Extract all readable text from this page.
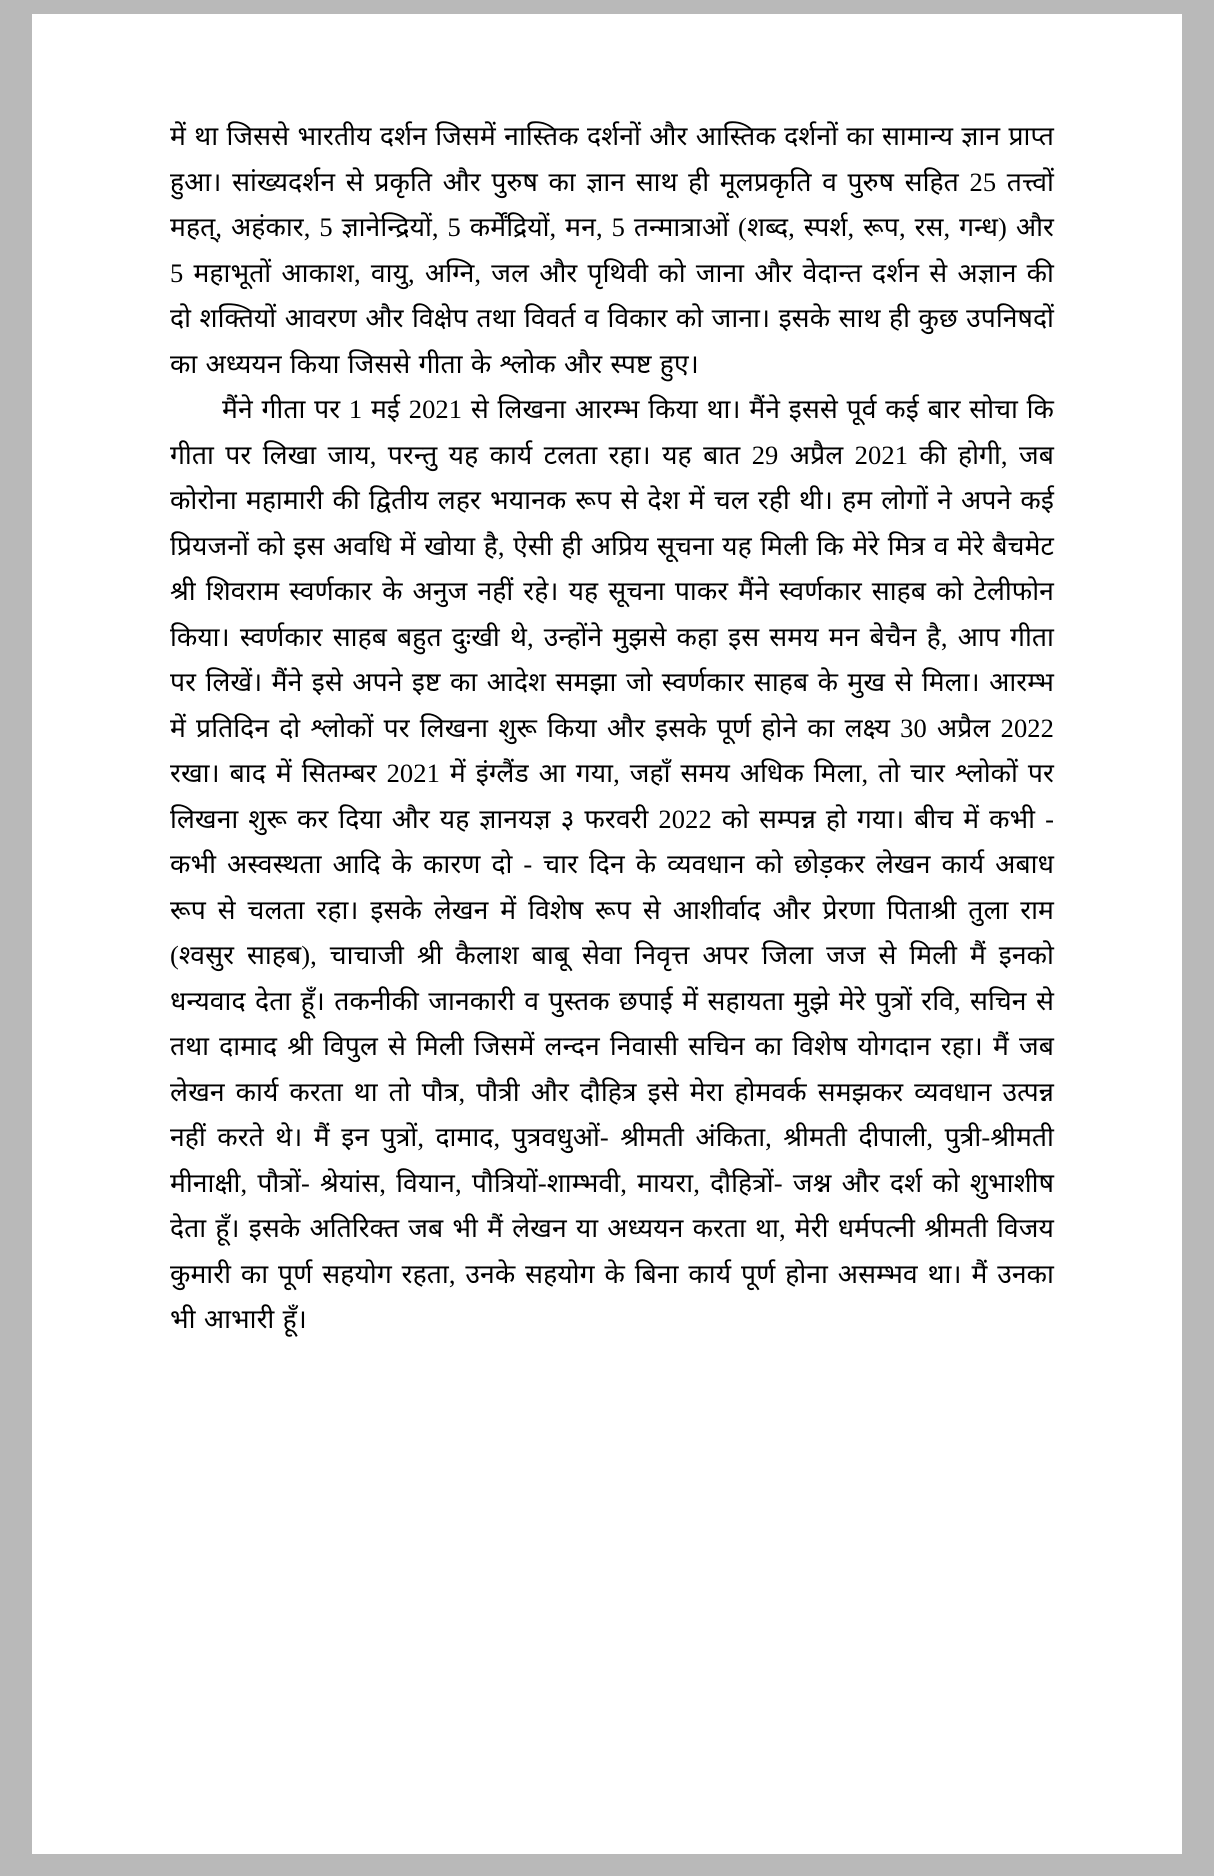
में था जिससे भारतीय दर्शन जिसमें नास्तिक दर्शनों और आस्तिक दर्शनों का सामान्य ज्ञान प्राप्त हुआ। सांख्यदर्शन से प्रकृति और पुरुष का ज्ञान साथ ही मूलप्रकृति व पुरुष सहित 25 तत्त्वों महत्, अहंकार, 5 ज्ञानेन्द्रियों, 5 कर्मेंद्रियों, मन, 5 तन्मात्राओं (शब्द, स्पर्श, रूप, रस, गन्ध) और 5 महाभूतों आकाश, वायु, अग्नि, जल और पृथिवी को जाना और वेदान्त दर्शन से अज्ञान की दो शक्तियों आवरण और विक्षेप तथा विवर्त व विकार को जाना। इसके साथ ही कुछ उपनिषदों का अध्ययन किया जिससे गीता के श्लोक और स्पष्ट हुए।

मैंने गीता पर 1 मई 2021 से लिखना आरम्भ किया था। मैंने इससे पूर्व कई बार सोचा कि गीता पर लिखा जाय, परन्तु यह कार्य टलता रहा। यह बात 29 अप्रैल 2021 की होगी, जब कोरोना महामारी की द्वितीय लहर भयानक रूप से देश में चल रही थी। हम लोगों ने अपने कई प्रियजनों को इस अवधि में खोया है, ऐसी ही अप्रिय सूचना यह मिली कि मेरे मित्र व मेरे बैचमेट श्री शिवराम स्वर्णकार के अनुज नहीं रहे। यह सूचना पाकर मैंने स्वर्णकार साहब को टेलीफोन किया। स्वर्णकार साहब बहुत दुःखी थे, उन्होंने मुझसे कहा इस समय मन बेचैन है, आप गीता पर लिखें। मैंने इसे अपने इष्ट का आदेश समझा जो स्वर्णकार साहब के मुख से मिला। आरम्भ में प्रतिदिन दो श्लोकों पर लिखना शुरू किया और इसके पूर्ण होने का लक्ष्य 30 अप्रैल 2022 रखा। बाद में सितम्बर 2021 में इंग्लैंड आ गया, जहाँ समय अधिक मिला, तो चार श्लोकों पर लिखना शुरू कर दिया और यह ज्ञानयज्ञ ३ फरवरी 2022 को सम्पन्न हो गया। बीच में कभी - कभी अस्वस्थता आदि के कारण दो - चार दिन के व्यवधान को छोड़कर लेखन कार्य अबाध रूप से चलता रहा। इसके लेखन में विशेष रूप से आशीर्वाद और प्रेरणा पिताश्री तुला राम (श्वसुर साहब), चाचाजी श्री कैलाश बाबू सेवा निवृत्त अपर जिला जज से मिली मैं इनको धन्यवाद देता हूँ। तकनीकी जानकारी व पुस्तक छपाई में सहायता मुझे मेरे पुत्रों रवि, सचिन से तथा दामाद श्री विपुल से मिली जिसमें लन्दन निवासी सचिन का विशेष योगदान रहा। मैं जब लेखन कार्य करता था तो पौत्र, पौत्री और दौहित्र इसे मेरा होमवर्क समझकर व्यवधान उत्पन्न नहीं करते थे। मैं इन पुत्रों, दामाद, पुत्रवधुओं- श्रीमती अंकिता, श्रीमती दीपाली, पुत्री-श्रीमती मीनाक्षी, पौत्रों- श्रेयांस, वियान, पौत्रियों-शाम्भवी, मायरा, दौहित्रों- जश्न और दर्श को शुभाशीष देता हूँ। इसके अतिरिक्त जब भी मैं लेखन या अध्ययन करता था, मेरी धर्मपत्नी श्रीमती विजय कुमारी का पूर्ण सहयोग रहता, उनके सहयोग के बिना कार्य पूर्ण होना असम्भव था। मैं उनका भी आभारी हूँ।
